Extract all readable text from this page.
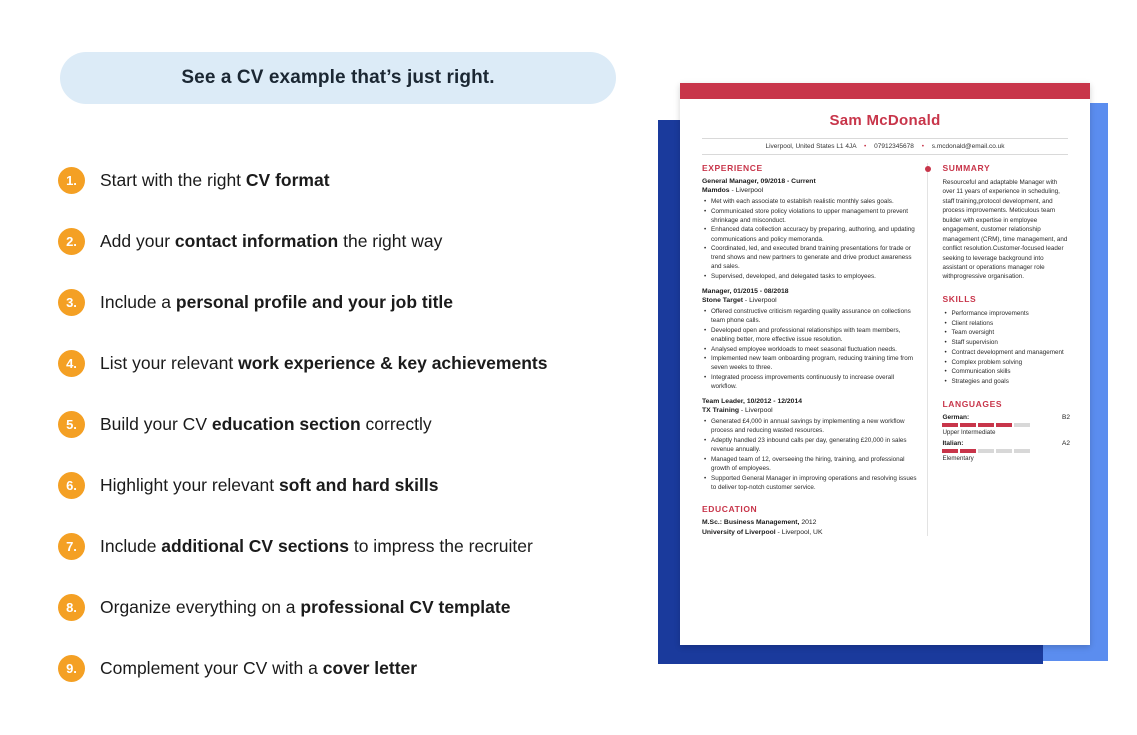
See a CV example that’s just right.
1.	Start with the right CV format
2.	Add your contact information the right way
3.	Include a personal profile and your job title
4.	List your relevant work experience & key achievements
5.	Build your CV education section correctly
6.	Highlight your relevant soft and hard skills
7.	Include additional CV sections to impress the recruiter
8.	Organize everything on a professional CV template
9.	Complement your CV with a cover letter
Sam McDonald
Liverpool, United States L1 4JA • 07912345678 • s.mcdonald@email.co.uk
EXPERIENCE
General Manager, 09/2018 - Current
Mamdos - Liverpool
• Met with each associate to establish realistic monthly sales goals.
• Communicated store policy violations to upper management to prevent shrinkage and misconduct.
• Enhanced data collection accuracy by preparing, authoring, and updating communications and policy memoranda.
• Coordinated, led, and executed brand training presentations for trade or trend shows and new partners to generate and drive product awareness and sales.
• Supervised, developed, and delegated tasks to employees.
Manager, 01/2015 - 08/2018
Stone Target - Liverpool
• Offered constructive criticism regarding quality assurance on collections team phone calls.
• Developed open and professional relationships with team members, enabling better, more effective issue resolution.
• Analysed employee workloads to meet seasonal fluctuation needs.
• Implemented new team onboarding program, reducing training time from seven weeks to three.
• Integrated process improvements continuously to increase overall workflow.
Team Leader, 10/2012 - 12/2014
TX Training - Liverpool
• Generated £4,000 in annual savings by implementing a new workflow process and reducing wasted resources.
• Adeptly handled 23 inbound calls per day, generating £20,000 in sales revenue annually.
• Managed team of 12, overseeing the hiring, training, and professional growth of employees.
• Supported General Manager in improving operations and resolving issues to deliver top-notch customer service.
EDUCATION
M.Sc.: Business Management, 2012
University of Liverpool - Liverpool, UK
SUMMARY
Resourceful and adaptable Manager with over 11 years of experience in scheduling, staff training,protocol development, and process improvements. Meticulous team builder with expertise in employee engagement, customer relationship management (CRM), time management, and conflict resolution.Customer-focused leader seeking to leverage background into assistant or operations manager role withprogressive organisation.
SKILLS
• Performance improvements
• Client relations
• Team oversight
• Staff supervision
• Contract development and management
• Complex problem solving
• Communication skills
• Strategies and goals
LANGUAGES
German:	B2
Upper Intermediate
Italian:	A2
Elementary
